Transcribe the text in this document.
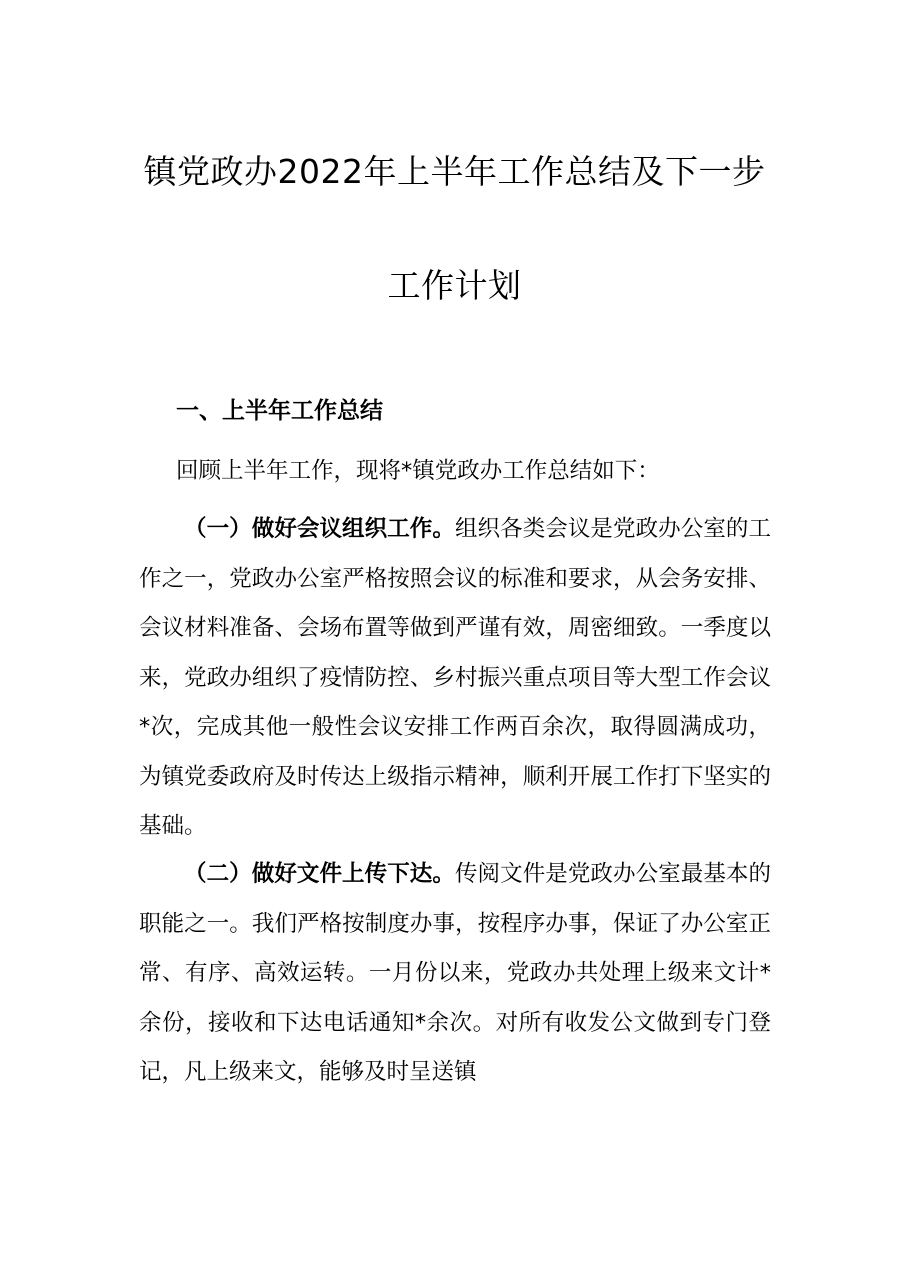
镇党政办2022年上半年工作总结及下一步
工作计划
一、上半年工作总结

回顾上半年工作，现将*镇党政办工作总结如下：

（一）做好会议组织工作。组织各类会议是党政办公室的工作之一，党政办公室严格按照会议的标准和要求，从会务安排、会议材料准备、会场布置等做到严谨有效，周密细致。一季度以来，党政办组织了疫情防控、乡村振兴重点项目等大型工作会议*次，完成其他一般性会议安排工作两百余次，取得圆满成功，为镇党委政府及时传达上级指示精神，顺利开展工作打下坚实的基础。

（二）做好文件上传下达。传阅文件是党政办公室最基本的职能之一。我们严格按制度办事，按程序办事，保证了办公室正常、有序、高效运转。一月份以来，党政办共处理上级来文计*余份，接收和下达电话通知*余次。对所有收发公文做到专门登记，凡上级来文，能够及时呈送镇
